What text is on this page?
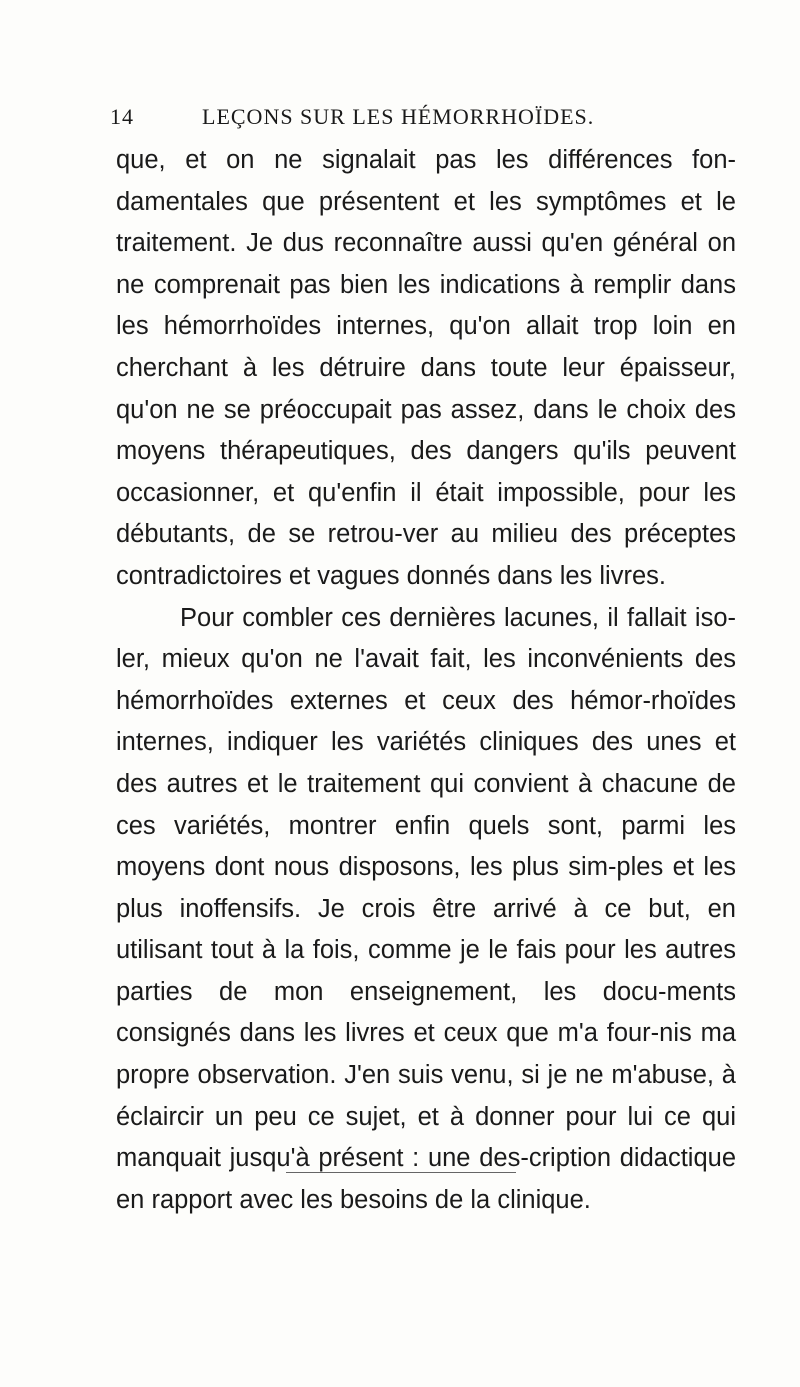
14	LEÇONS SUR LES HÉMORRHOÏDES.

que, et on ne signalait pas les différences fon-damentales que présentent et les symptômes et le traitement. Je dus reconnaître aussi qu'en général on ne comprenait pas bien les indications à remplir dans les hémorrhoïdes internes, qu'on allait trop loin en cherchant à les détruire dans toute leur épaisseur, qu'on ne se préoccupait pas assez, dans le choix des moyens thérapeutiques, des dangers qu'ils peuvent occasionner, et qu'enfin il était impossible, pour les débutants, de se retrou-ver au milieu des préceptes contradictoires et vagues donnés dans les livres.

Pour combler ces dernières lacunes, il fallait iso-ler, mieux qu'on ne l'avait fait, les inconvénients des hémorrhoïdes externes et ceux des hémor-rhoïdes internes, indiquer les variétés cliniques des unes et des autres et le traitement qui convient à chacune de ces variétés, montrer enfin quels sont, parmi les moyens dont nous disposons, les plus sim-ples et les plus inoffensifs. Je crois être arrivé à ce but, en utilisant tout à la fois, comme je le fais pour les autres parties de mon enseignement, les docu-ments consignés dans les livres et ceux que m'a four-nis ma propre observation. J'en suis venu, si je ne m'abuse, à éclaircir un peu ce sujet, et à donner pour lui ce qui manquait jusqu'à présent : une des-cription didactique en rapport avec les besoins de la clinique.
